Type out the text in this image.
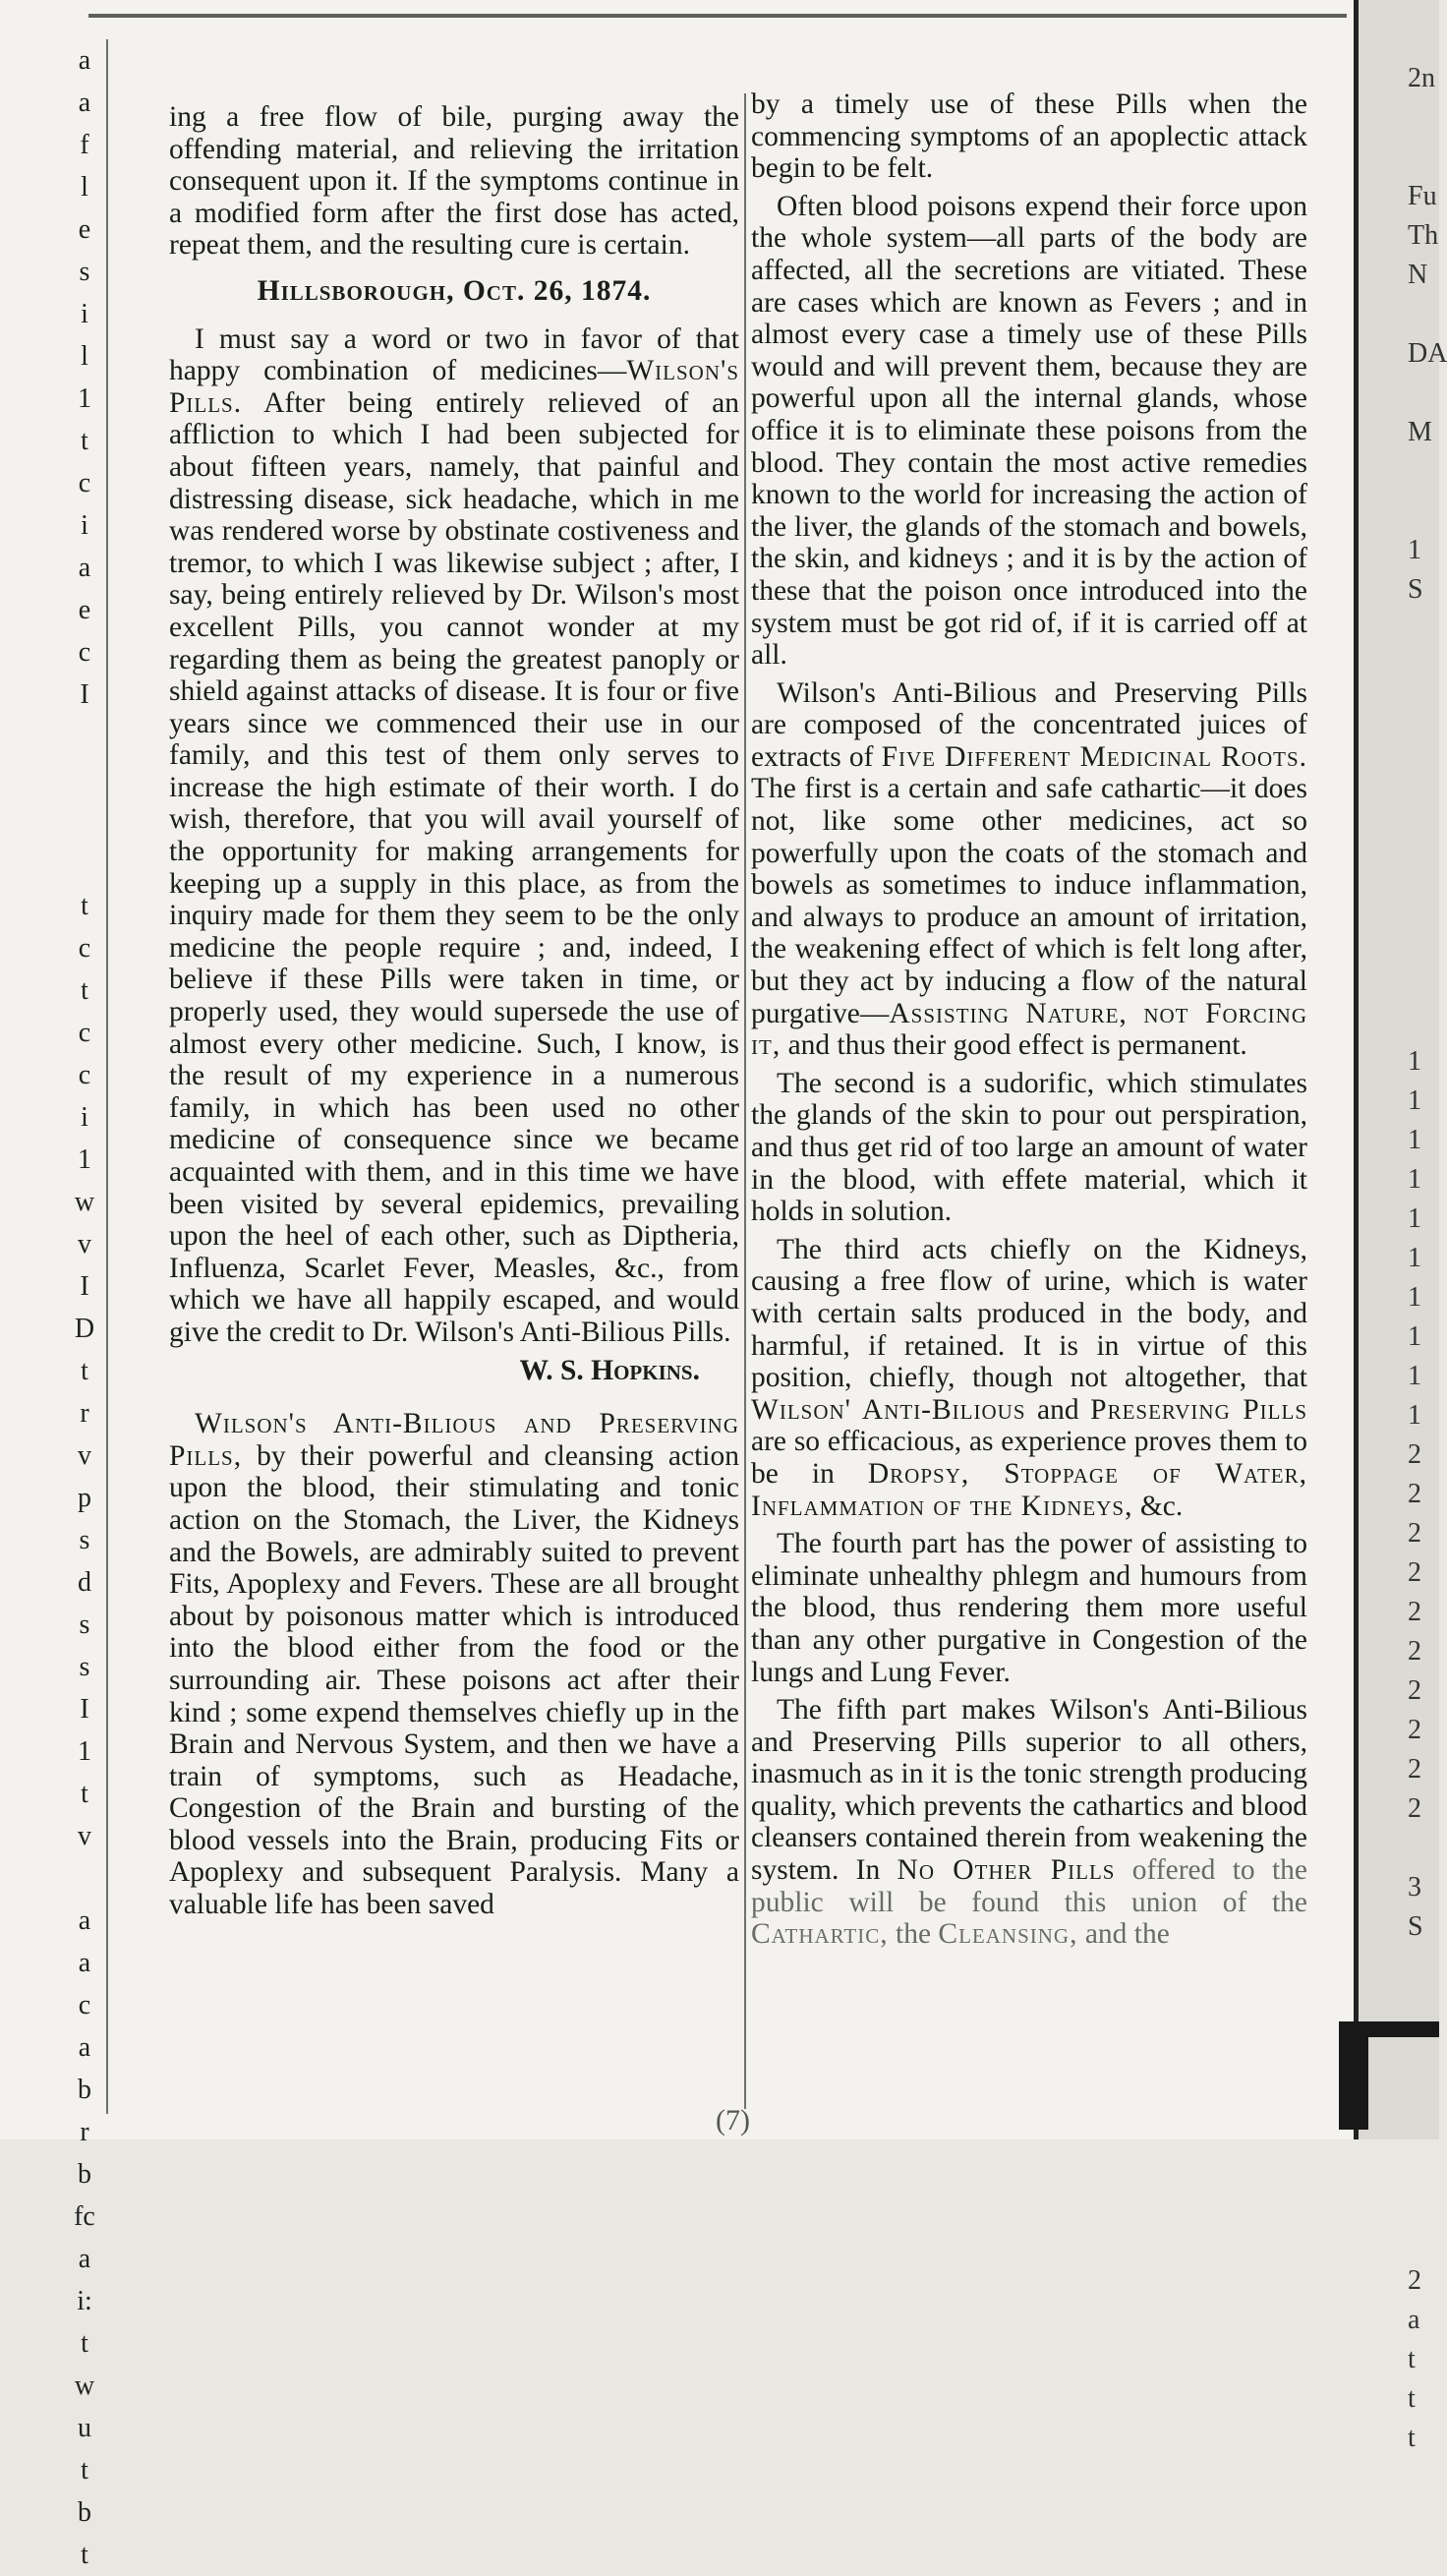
a
a
f
l
e
s
i
l
1
t
c
i
a
e
c
I
t
c
t
c
c
i
1
w
v
I
D
t
r
v
p
s
d
s
s
I
1
t
v
a
a
c
a
b
r
b
fc
a
i:
t
w
u
t
b
t

ing a free flow of bile, purging away the offending material, and relieving the irritation consequent upon it. If the symptoms continue in a modified form after the first dose has acted, repeat them, and the resulting cure is certain.

Hillsborough, Oct. 26, 1874.

I must say a word or two in favor of that happy combination of medicines—Wilson's Pills. After being entirely relieved of an affliction to which I had been subjected for about fifteen years, namely, that painful and distressing disease, sick headache, which in me was rendered worse by obstinate costiveness and tremor, to which I was likewise subject ; after, I say, being entirely relieved by Dr. Wilson's most excellent Pills, you cannot wonder at my regarding them as being the greatest panoply or shield against attacks of disease. It is four or five years since we commenced their use in our family, and this test of them only serves to increase the high estimate of their worth. I do wish, therefore, that you will avail yourself of the opportunity for making arrangements for keeping up a supply in this place, as from the inquiry made for them they seem to be the only medicine the people require ; and, indeed, I believe if these Pills were taken in time, or properly used, they would supersede the use of almost every other medicine. Such, I know, is the result of my experience in a numerous family, in which has been used no other medicine of consequence since we became acquainted with them, and in this time we have been visited by several epidemics, prevailing upon the heel of each other, such as Diptheria, Influenza, Scarlet Fever, Measles, &c., from which we have all happily escaped, and would give the credit to Dr. Wilson's Anti-Bilious Pills.

W. S. Hopkins.

Wilson's Anti-Bilious and Preserving Pills, by their powerful and cleansing action upon the blood, their stimulating and tonic action on the Stomach, the Liver, the Kidneys and the Bowels, are admirably suited to prevent Fits, Apoplexy and Fevers. These are all brought about by poisonous matter which is introduced into the blood either from the food or the surrounding air. These poisons act after their kind ; some expend themselves chiefly up in the Brain and Nervous System, and then we have a train of symptoms, such as Headache, Congestion of the Brain and bursting of the blood vessels into the Brain, producing Fits or Apoplexy and subsequent Paralysis. Many a valuable life has been saved

by a timely use of these Pills when the commencing symptoms of an apoplectic attack begin to be felt.

Often blood poisons expend their force upon the whole system—all parts of the body are affected, all the secretions are vitiated. These are cases which are known as Fevers ; and in almost every case a timely use of these Pills would and will prevent them, because they are powerful upon all the internal glands, whose office it is to eliminate these poisons from the blood. They contain the most active remedies known to the world for increasing the action of the liver, the glands of the stomach and bowels, the skin, and kidneys ; and it is by the action of these that the poison once introduced into the system must be got rid of, if it is carried off at all.

Wilson's Anti-Bilious and Preserving Pills are composed of the concentrated juices of extracts of Five Different Medicinal Roots. The first is a certain and safe cathartic—it does not, like some other medicines, act so powerfully upon the coats of the stomach and bowels as sometimes to induce inflammation, and always to produce an amount of irritation, the weakening effect of which is felt long after, but they act by inducing a flow of the natural purgative—Assisting Nature, not Forcing it, and thus their good effect is permanent.

The second is a sudorific, which stimulates the glands of the skin to pour out perspiration, and thus get rid of too large an amount of water in the blood, with effete material, which it holds in solution.

The third acts chiefly on the Kidneys, causing a free flow of urine, which is water with certain salts produced in the body, and harmful, if retained. It is in virtue of this position, chiefly, though not altogether, that Wilson' Anti-Bilious and Preserving Pills are so efficacious, as experience proves them to be in Dropsy, Stoppage of Water, Inflammation of the Kidneys, &c.

The fourth part has the power of assisting to eliminate unhealthy phlegm and humours from the blood, thus rendering them more useful than any other purgative in Congestion of the lungs and Lung Fever.

The fifth part makes Wilson's Anti-Bilious and Preserving Pills superior to all others, inasmuch as in it is the tonic strength producing quality, which prevents the cathartics and blood cleansers contained therein from weakening the system. In No Other Pills offered to the public will be found this union of the Cathartic, the Cleansing, and the

(7)
2n
Fu
Th
N
DA
M
1
S
1
1
1
1
1
1
1
1
1
1
2
2
2
2
2
2
2
2
2
2
3
S
2
a
t
t
t
